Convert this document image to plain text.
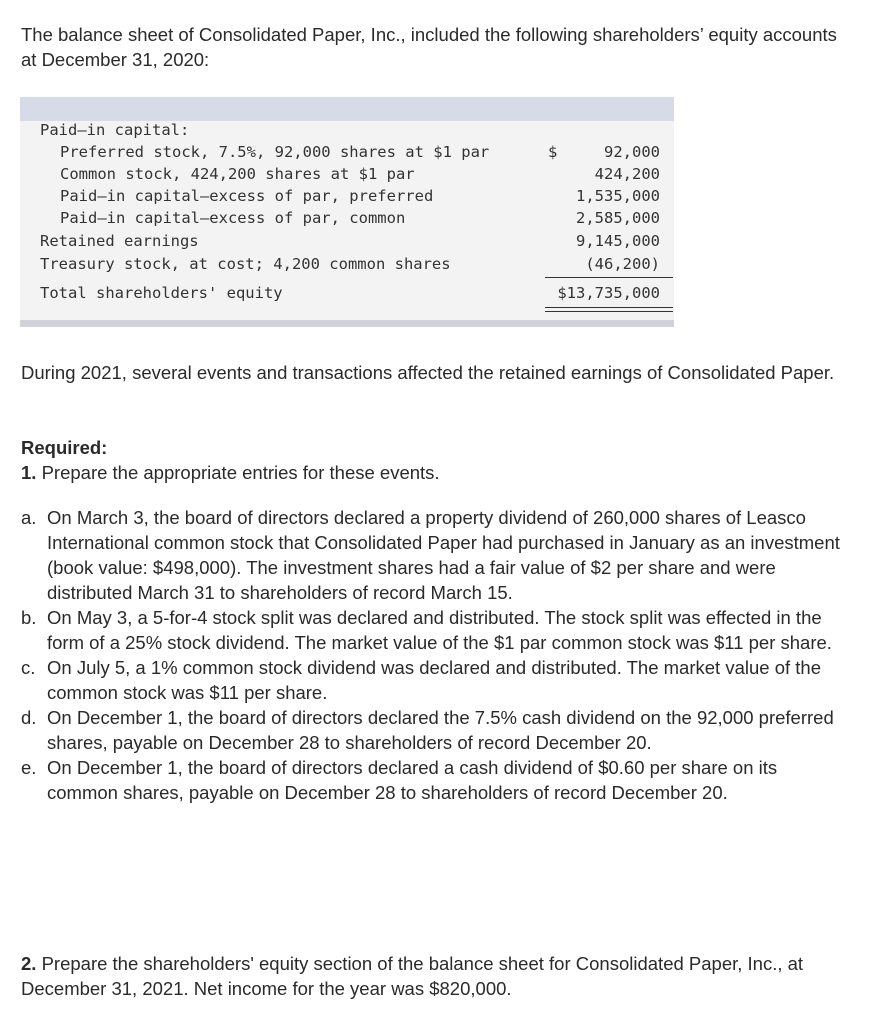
The balance sheet of Consolidated Paper, Inc., included the following shareholders’ equity accounts at December 31, 2020:

Paid–in capital:
Preferred stock, 7.5%, 92,000 shares at $1 par	$	92,000
Common stock, 424,200 shares at $1 par	424,200
Paid–in capital—excess of par, preferred	1,535,000
Paid–in capital—excess of par, common	2,585,000
Retained earnings	9,145,000
Treasury stock, at cost; 4,200 common shares	(46,200)
Total shareholders' equity	$13,735,000

During 2021, several events and transactions affected the retained earnings of Consolidated Paper.

Required:

1. Prepare the appropriate entries for these events.

a. On March 3, the board of directors declared a property dividend of 260,000 shares of Leasco International common stock that Consolidated Paper had purchased in January as an investment (book value: $498,000). The investment shares had a fair value of $2 per share and were distributed March 31 to shareholders of record March 15.
b. On May 3, a 5-for-4 stock split was declared and distributed. The stock split was effected in the form of a 25% stock dividend. The market value of the $1 par common stock was $11 per share.
c. On July 5, a 1% common stock dividend was declared and distributed. The market value of the common stock was $11 per share.
d. On December 1, the board of directors declared the 7.5% cash dividend on the 92,000 preferred shares, payable on December 28 to shareholders of record December 20.
e. On December 1, the board of directors declared a cash dividend of $0.60 per share on its common shares, payable on December 28 to shareholders of record December 20.

2. Prepare the shareholders' equity section of the balance sheet for Consolidated Paper, Inc., at December 31, 2021. Net income for the year was $820,000.
